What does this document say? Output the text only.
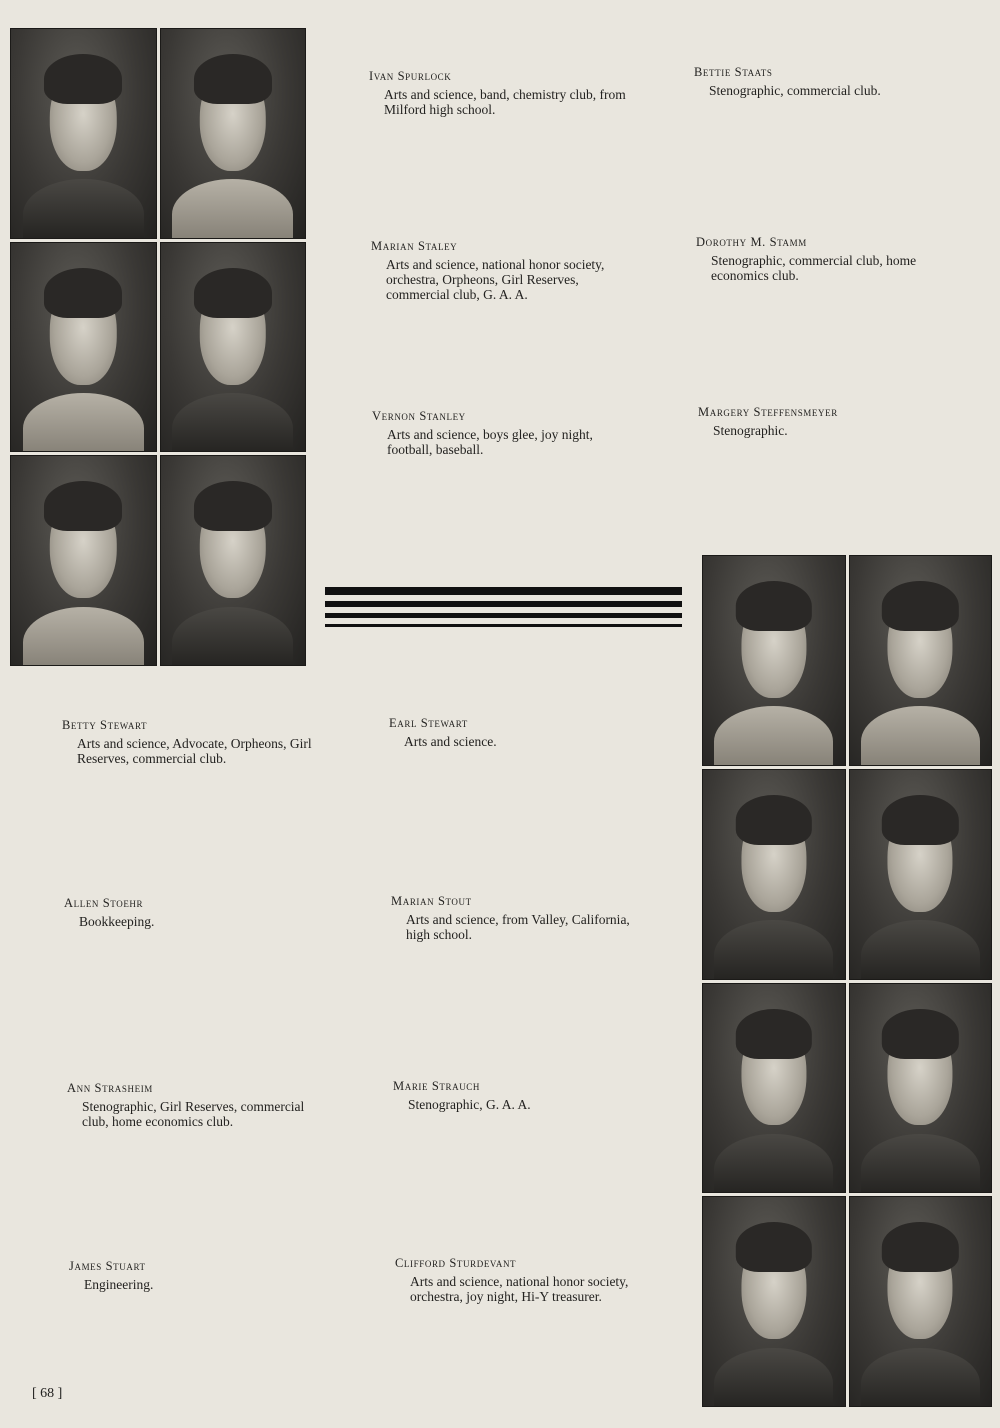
Ivan Spurlock

Arts and science, band, chemistry club, from Milford high school.

Bettie Staats

Stenographic, commercial club.

Marian Staley

Arts and science, national honor society, orchestra, Orpheons, Girl Reserves, commercial club, G. A. A.

Dorothy M. Stamm

Stenographic, commercial club, home economics club.

Vernon Stanley

Arts and science, boys glee, joy night, football, baseball.

Margery Steffensmeyer

Stenographic.

Betty Stewart

Arts and science, Advocate, Orpheons, Girl Reserves, commercial club.

Earl Stewart

Arts and science.

Allen Stoehr

Bookkeeping.

Marian Stout

Arts and science, from Valley, California, high school.

Ann Strasheim

Stenographic, Girl Reserves, commercial club, home economics club.

Marie Strauch

Stenographic, G. A. A.

James Stuart

Engineering.

Clifford Sturdevant

Arts and science, national honor society, orchestra, joy night, Hi-Y treasurer.

[ 68 ]
